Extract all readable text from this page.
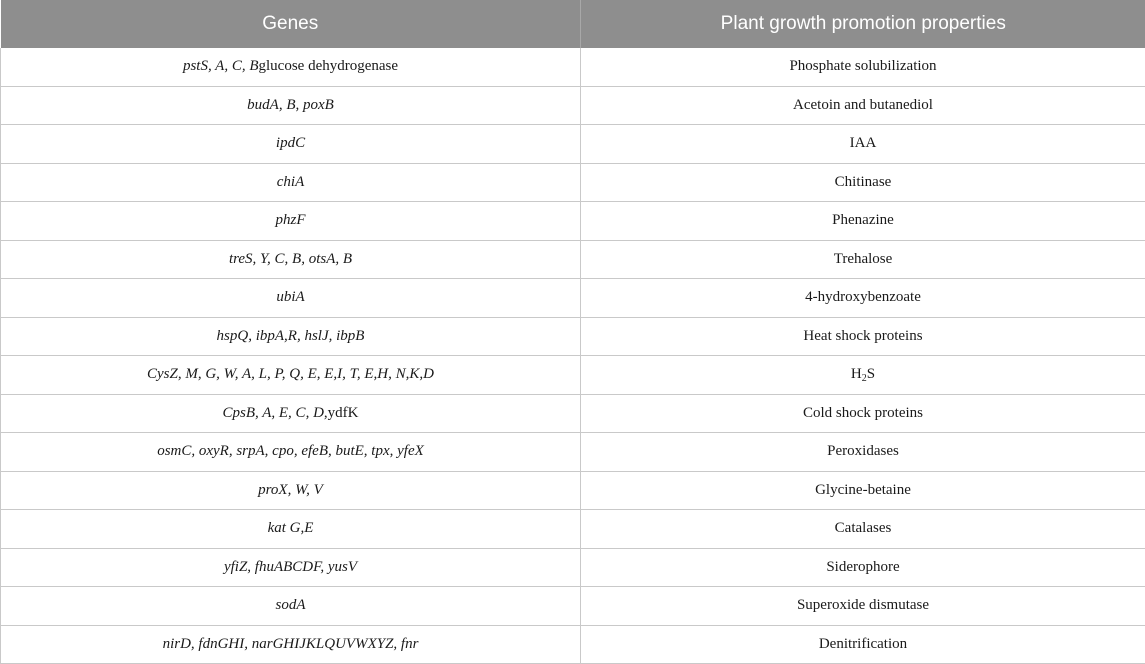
Genes	Plant growth promotion properties
pstS, A, C, Bglucose dehydrogenase	Phosphate solubilization
budA, B, poxB	Acetoin and butanediol
ipdC	IAA
chiA	Chitinase
phzF	Phenazine
treS, Y, C, B, otsA, B	Trehalose
ubiA	4-hydroxybenzoate
hspQ, ibpA,R, hslJ, ibpB	Heat shock proteins
CysZ, M, G, W, A, L, P, Q, E, E,I, T, E,H, N,K,D	$H_2S$
CpsB, A, E, C, D,ydfK	Cold shock proteins
osmC, oxyR, srpA, cpo, efeB, butE, tpx, yfeX	Peroxidases
proX, W, V	Glycine-betaine
kat G,E	Catalases
yfiZ, fhuABCDF, yusV	Siderophore
sodA	Superoxide dismutase
nirD, fdnGHI, narGHIJKLQUVWXYZ, fnr	Denitrification
